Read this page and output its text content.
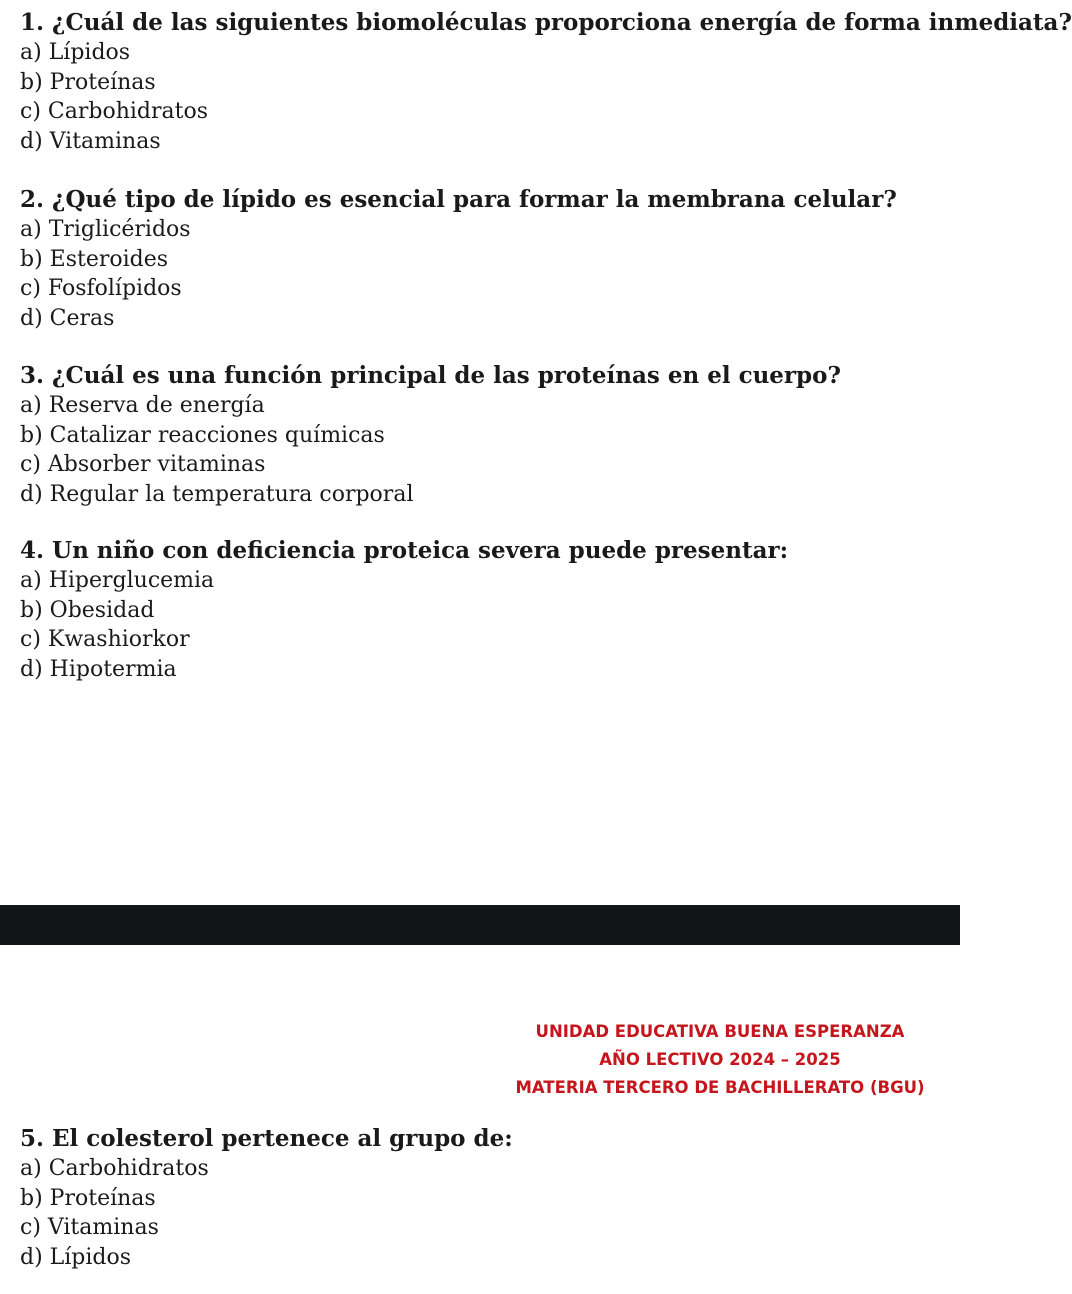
1. ¿Cuál de las siguientes biomoléculas proporciona energía de forma inmediata?
a) Lípidos
b) Proteínas
c) Carbohidratos
d) Vitaminas
2. ¿Qué tipo de lípido es esencial para formar la membrana celular?
a) Triglicéridos
b) Esteroides
c) Fosfolípidos
d) Ceras
3. ¿Cuál es una función principal de las proteínas en el cuerpo?
a) Reserva de energía
b) Catalizar reacciones químicas
c) Absorber vitaminas
d) Regular la temperatura corporal
4. Un niño con deficiencia proteica severa puede presentar:
a) Hiperglucemia
b) Obesidad
c) Kwashiorkor
d) Hipotermia
UNIDAD EDUCATIVA BUENA ESPERANZA
AÑO LECTIVO 2024 – 2025
MATERIA TERCERO DE BACHILLERATO (BGU)
5. El colesterol pertenece al grupo de:
a) Carbohidratos
b) Proteínas
c) Vitaminas
d) Lípidos
